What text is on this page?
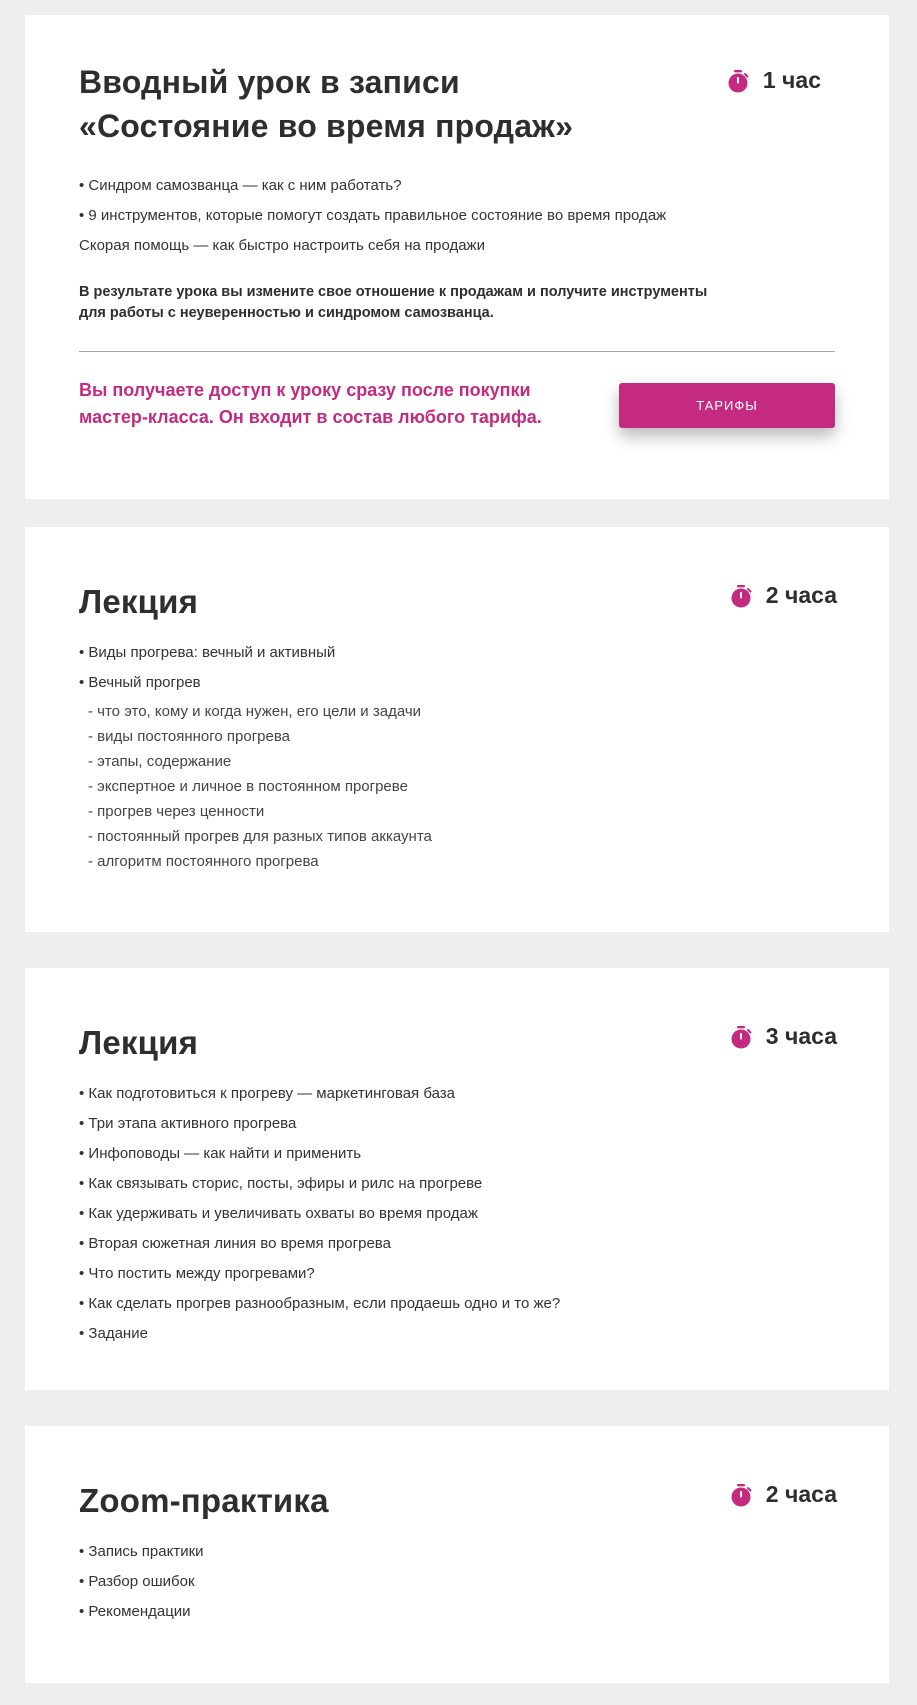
Вводный урок в записи
«Состояние во время продаж»
1 час
• Синдром самозванца — как с ним работать?
• 9 инструментов, которые помогут создать правильное состояние во время продаж
Скорая помощь — как быстро настроить себя на продажи

В результате урока вы измените свое отношение к продажам и получите инструменты для работы с неуверенностью и синдромом самозванца.

Вы получаете доступ к уроку сразу после покупки мастер-класса. Он входит в состав любого тарифа.

ТАРИФЫ
Лекция	2 часа
• Виды прогрева: вечный и активный
• Вечный прогрев
- что это, кому и когда нужен, его цели и задачи
- виды постоянного прогрева
- этапы, содержание
- экспертное и личное в постоянном прогреве
- прогрев через ценности
- постоянный прогрев для разных типов аккаунта
- алгоритм постоянного прогрева
Лекция	3 часа
• Как подготовиться к прогреву — маркетинговая база
• Три этапа активного прогрева
• Инфоповоды — как найти и применить
• Как связывать сторис, посты, эфиры и рилс на прогреве
• Как удерживать и увеличивать охваты во время продаж
• Вторая сюжетная линия во время прогрева
• Что постить между прогревами?
• Как сделать прогрев разнообразным, если продаешь одно и то же?
• Задание
Zoom-практика	2 часа
• Запись практики
• Разбор ошибок
• Рекомендации
